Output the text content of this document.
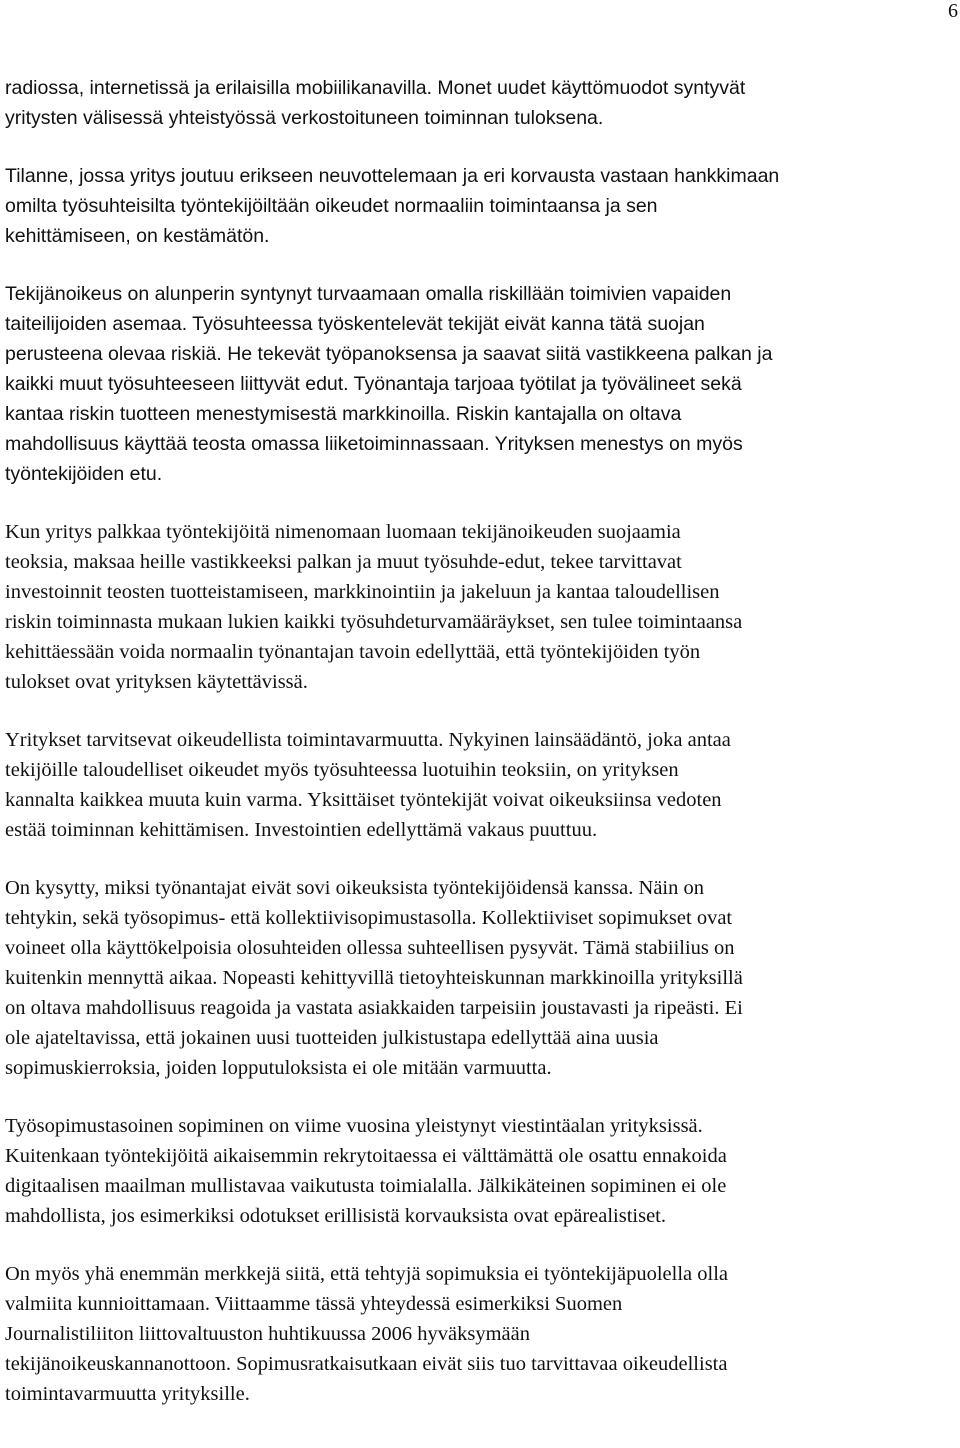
6

radiossa, internetissä ja erilaisilla mobiilikanavilla. Monet uudet käyttömuodot syntyvät
yritysten välisessä yhteistyössä verkostoituneen toiminnan tuloksena.

Tilanne, jossa yritys joutuu erikseen neuvottelemaan ja eri korvausta vastaan hankkimaan
omilta työsuhteisilta työntekijöiltään oikeudet normaaliin toimintaansa ja sen
kehittämiseen, on kestämätön.

Tekijänoikeus on alunperin syntynyt turvaamaan omalla riskillään toimivien vapaiden
taiteilijoiden asemaa. Työsuhteessa työskentelevät tekijät eivät kanna tätä suojan
perusteena olevaa riskiä. He tekevät työpanoksensa ja saavat siitä vastikkeena palkan ja
kaikki muut työsuhteeseen liittyvät edut. Työnantaja tarjoaa työtilat ja työvälineet sekä
kantaa riskin tuotteen menestymisestä markkinoilla. Riskin kantajalla on oltava
mahdollisuus käyttää teosta omassa liiketoiminnassaan. Yrityksen menestys on myös
työntekijöiden etu.

Kun yritys palkkaa työntekijöitä nimenomaan luomaan tekijänoikeuden suojaamia
teoksia, maksaa heille vastikkeeksi palkan ja muut työsuhde-edut, tekee tarvittavat
investoinnit teosten tuotteistamiseen, markkinointiin ja jakeluun ja kantaa taloudellisen
riskin toiminnasta mukaan lukien kaikki työsuhdeturvamääräykset, sen tulee toimintaansa
kehittäessään voida normaalin työnantajan tavoin edellyttää, että työntekijöiden työn
tulokset ovat yrityksen käytettävissä.

Yritykset tarvitsevat oikeudellista toimintavarmuutta. Nykyinen lainsäädäntö, joka antaa
tekijöille taloudelliset oikeudet myös työsuhteessa luotuihin teoksiin, on yrityksen
kannalta kaikkea muuta kuin varma. Yksittäiset työntekijät voivat oikeuksiinsa vedoten
estää toiminnan kehittämisen. Investointien edellyttämä vakaus puuttuu.

On kysytty, miksi työnantajat eivät sovi oikeuksista työntekijöidensä kanssa. Näin on
tehtykin, sekä työsopimus- että kollektiivisopimustasolla. Kollektiiviset sopimukset ovat
voineet olla käyttökelpoisia olosuhteiden ollessa suhteellisen pysyvät. Tämä stabiilius on
kuitenkin mennyttä aikaa. Nopeasti kehittyvillä tietoyhteiskunnan markkinoilla yrityksillä
on oltava mahdollisuus reagoida ja vastata asiakkaiden tarpeisiin joustavasti ja ripeästi. Ei
ole ajateltavissa, että jokainen uusi tuotteiden julkistustapa edellyttää aina uusia
sopimuskierroksia, joiden lopputuloksista ei ole mitään varmuutta.

Työsopimustasoinen sopiminen on viime vuosina yleistynyt viestintäalan yrityksissä.
Kuitenkaan työntekijöitä aikaisemmin rekrytoitaessa ei välttämättä ole osattu ennakoida
digitaalisen maailman mullistavaa vaikutusta toimialalla. Jälkikäteinen sopiminen ei ole
mahdollista, jos esimerkiksi odotukset erillisistä korvauksista ovat epärealistiset.

On myös yhä enemmän merkkejä siitä, että tehtyjä sopimuksia ei työntekijäpuolella olla
valmiita kunnioittamaan. Viittaamme tässä yhteydessä esimerkiksi Suomen
Journalistiliiton liittovaltuuston huhtikuussa 2006 hyväksymään
tekijänoikeuskannanottoon. Sopimusratkaisutkaan eivät siis tuo tarvittavaa oikeudellista
toimintavarmuutta yrityksille.
